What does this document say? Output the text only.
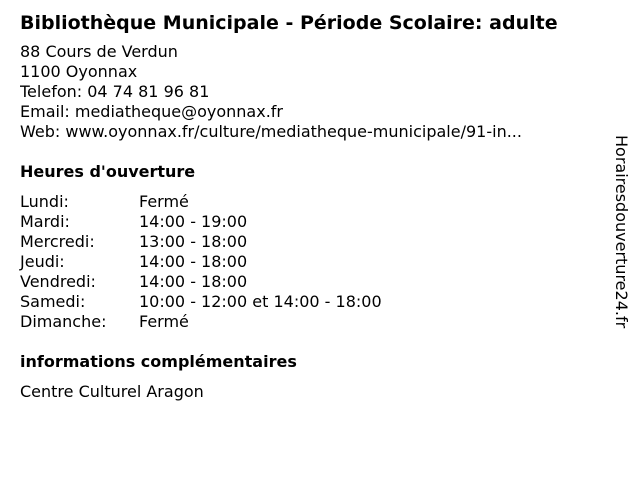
Bibliothèque Municipale - Période Scolaire: adulte
88 Cours de Verdun
1100 Oyonnax
Telefon: 04 74 81 96 81
Email: mediatheque@oyonnax.fr
Web: www.oyonnax.fr/culture/mediatheque-municipale/91-in...
Heures d'ouverture
Lundi:	Fermé
Mardi:	14:00 - 19:00
Mercredi:	13:00 - 18:00
Jeudi:	14:00 - 18:00
Vendredi:	14:00 - 18:00
Samedi:	10:00 - 12:00 et 14:00 - 18:00
Dimanche:	Fermé
informations complémentaires
Centre Culturel Aragon
Horairesdouverture24.fr
